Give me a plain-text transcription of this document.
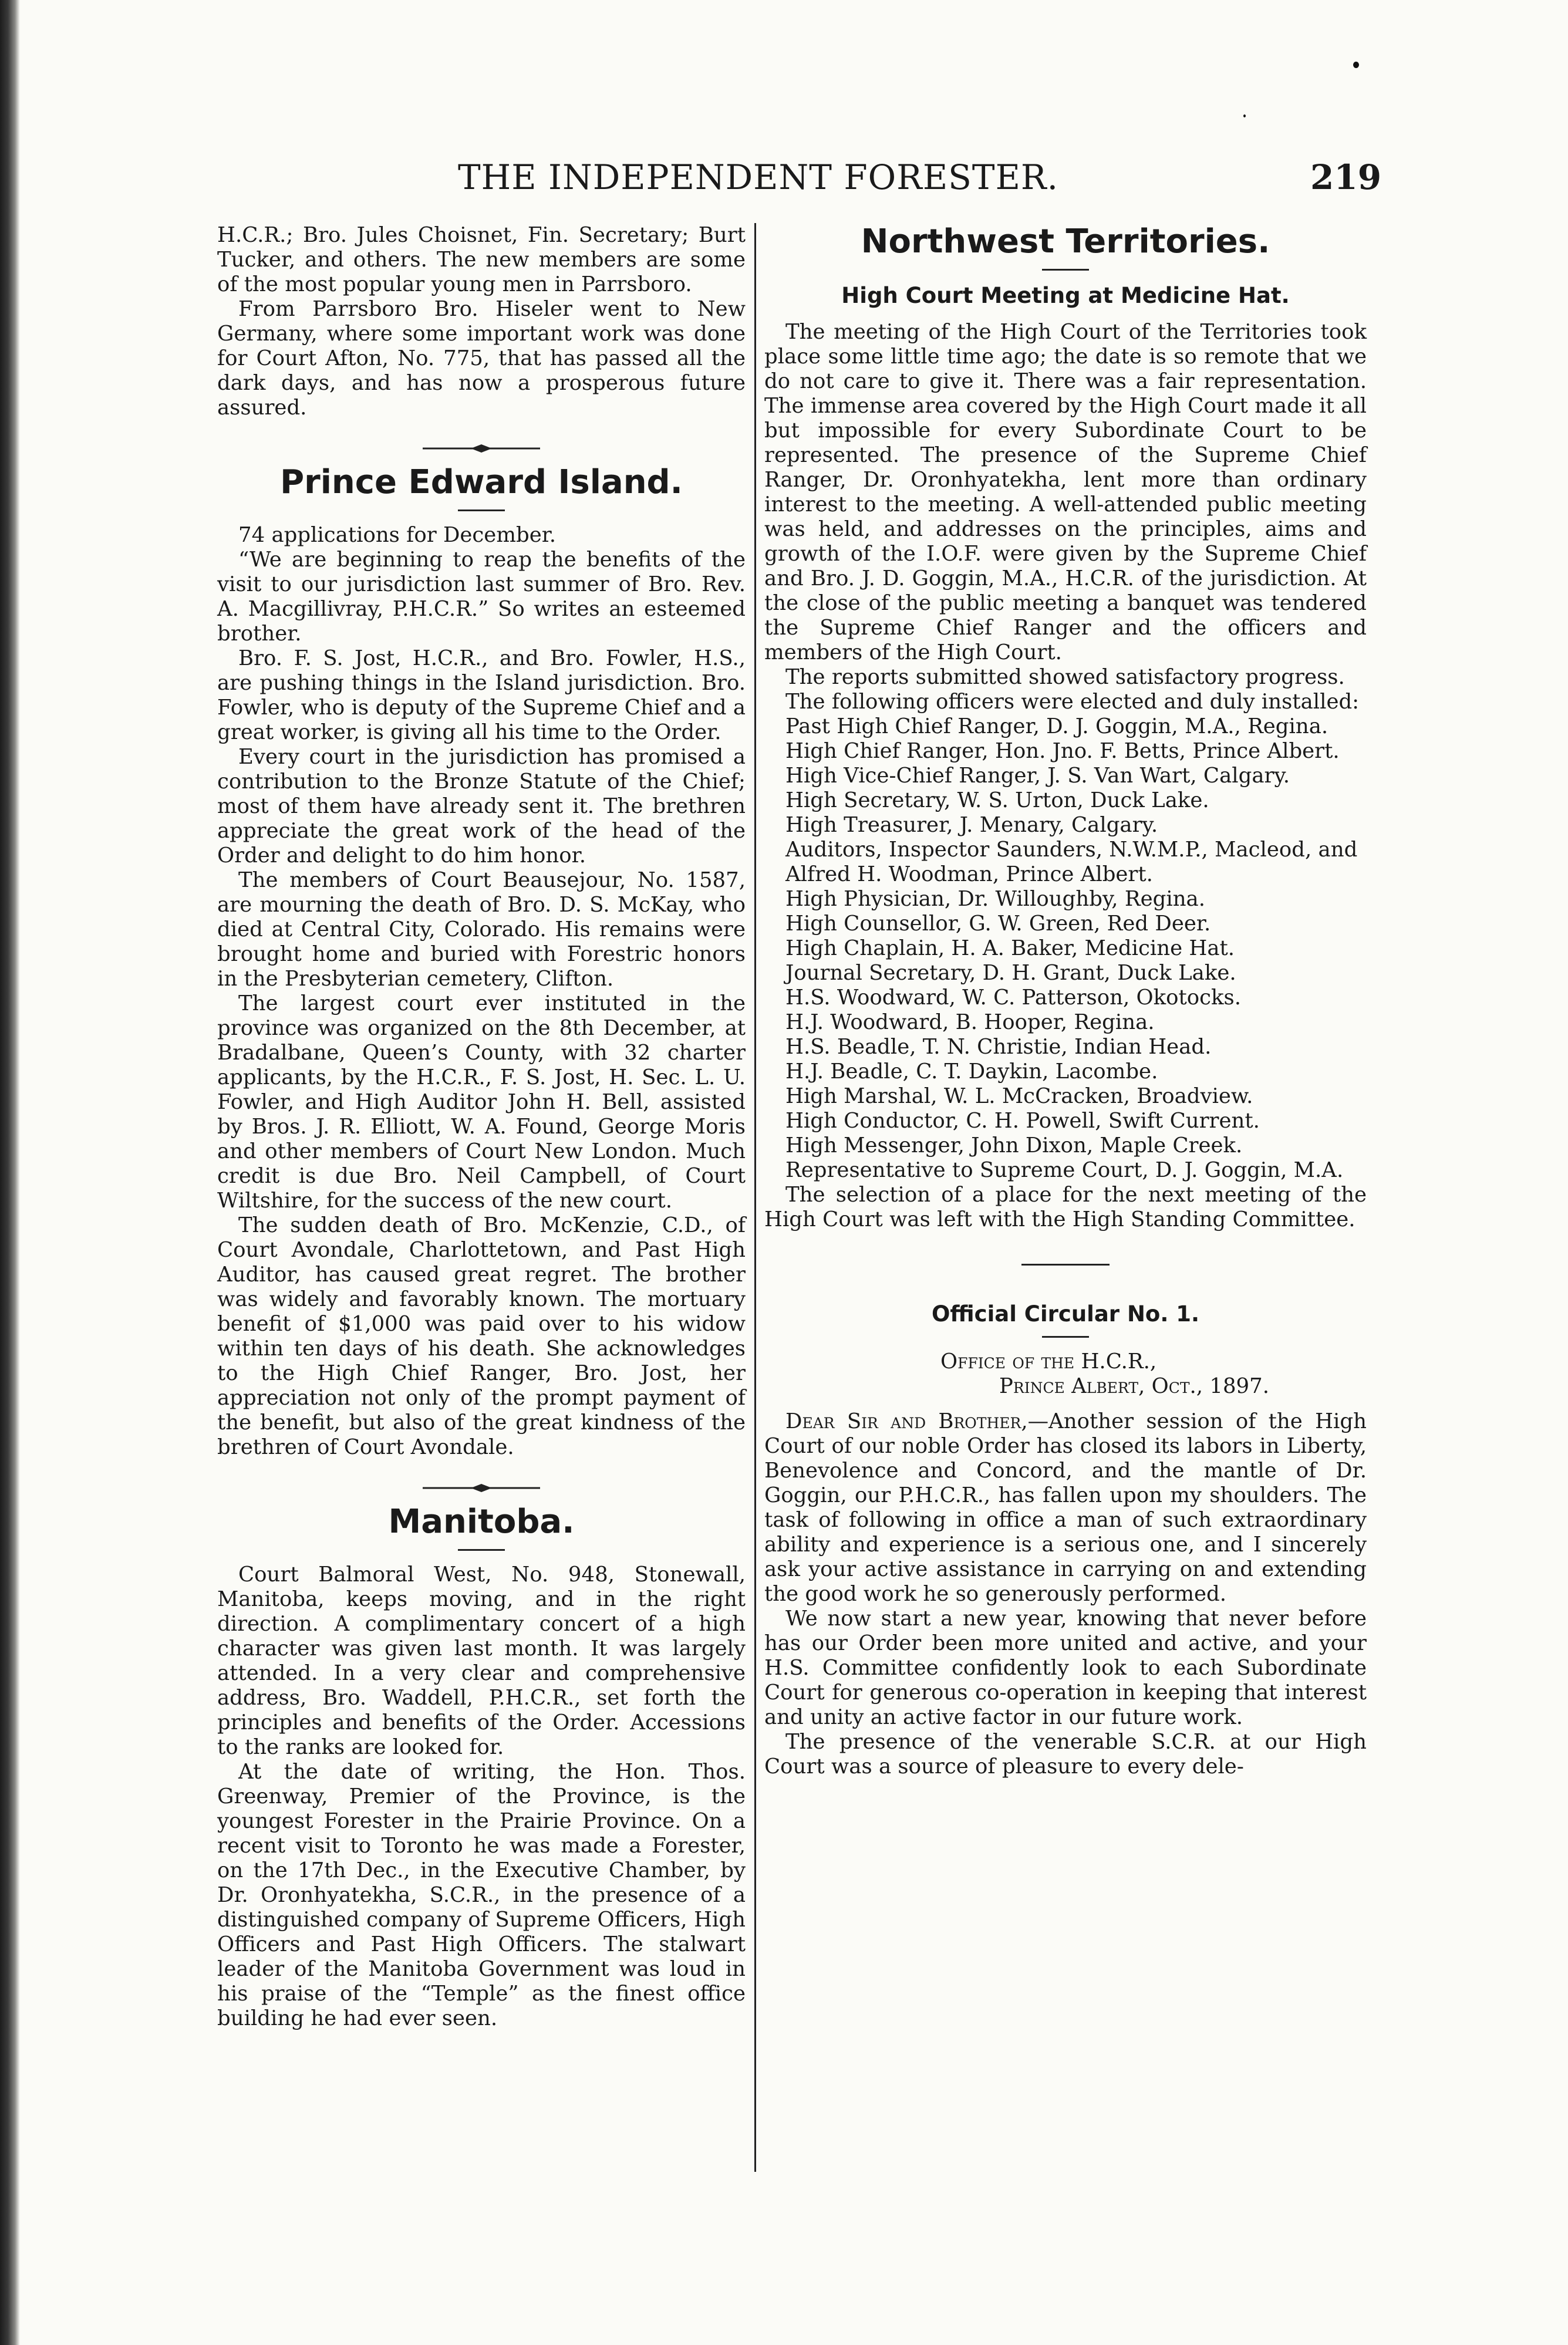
THE INDEPENDENT FORESTER.	219

H.C.R.; Bro. Jules Choisnet, Fin. Secretary; Burt Tucker, and others. The new members are some of the most popular young men in Parrsboro.

From Parrsboro Bro. Hiseler went to New Germany, where some important work was done for Court Afton, No. 775, that has passed all the dark days, and has now a prosperous future assured.

Prince Edward Island.

74 applications for December.

“We are beginning to reap the benefits of the visit to our jurisdiction last summer of Bro. Rev. A. Macgillivray, P.H.C.R.” So writes an esteemed brother.

Bro. F. S. Jost, H.C.R., and Bro. Fowler, H.S., are pushing things in the Island jurisdiction. Bro. Fowler, who is deputy of the Supreme Chief and a great worker, is giving all his time to the Order.

Every court in the jurisdiction has promised a contribution to the Bronze Statute of the Chief; most of them have already sent it. The brethren appreciate the great work of the head of the Order and delight to do him honor.

The members of Court Beausejour, No. 1587, are mourning the death of Bro. D. S. McKay, who died at Central City, Colorado. His remains were brought home and buried with Forestric honors in the Presbyterian cemetery, Clifton.

The largest court ever instituted in the province was organized on the 8th December, at Bradalbane, Queen’s County, with 32 charter applicants, by the H.C.R., F. S. Jost, H. Sec. L. U. Fowler, and High Auditor John H. Bell, assisted by Bros. J. R. Elliott, W. A. Found, George Moris and other members of Court New London. Much credit is due Bro. Neil Campbell, of Court Wiltshire, for the success of the new court.

The sudden death of Bro. McKenzie, C.D., of Court Avondale, Charlottetown, and Past High Auditor, has caused great regret. The brother was widely and favorably known. The mortuary benefit of $1,000 was paid over to his widow within ten days of his death. She acknowledges to the High Chief Ranger, Bro. Jost, her appreciation not only of the prompt payment of the benefit, but also of the great kindness of the brethren of Court Avondale.

Manitoba.

Court Balmoral West, No. 948, Stonewall, Manitoba, keeps moving, and in the right direction. A complimentary concert of a high character was given last month. It was largely attended. In a very clear and comprehensive address, Bro. Waddell, P.H.C.R., set forth the principles and benefits of the Order. Accessions to the ranks are looked for.

At the date of writing, the Hon. Thos. Greenway, Premier of the Province, is the youngest Forester in the Prairie Province. On a recent visit to Toronto he was made a Forester, on the 17th Dec., in the Executive Chamber, by Dr. Oronhyatekha, S.C.R., in the presence of a distinguished company of Supreme Officers, High Officers and Past High Officers. The stalwart leader of the Manitoba Government was loud in his praise of the “Temple” as the finest office building he had ever seen.

Northwest Territories.
High Court Meeting at Medicine Hat.

The meeting of the High Court of the Territories took place some little time ago; the date is so remote that we do not care to give it. There was a fair representation. The immense area covered by the High Court made it all but impossible for every Subordinate Court to be represented. The presence of the Supreme Chief Ranger, Dr. Oronhyatekha, lent more than ordinary interest to the meeting. A well-attended public meeting was held, and addresses on the principles, aims and growth of the I.O.F. were given by the Supreme Chief and Bro. J. D. Goggin, M.A., H.C.R. of the jurisdiction. At the close of the public meeting a banquet was tendered the Supreme Chief Ranger and the officers and members of the High Court.

The reports submitted showed satisfactory progress.

The following officers were elected and duly installed:

Past High Chief Ranger, D. J. Goggin, M.A., Regina.

High Chief Ranger, Hon. Jno. F. Betts, Prince Albert.

High Vice-Chief Ranger, J. S. Van Wart, Calgary.

High Secretary, W. S. Urton, Duck Lake.

High Treasurer, J. Menary, Calgary.

Auditors, Inspector Saunders, N.W.M.P., Macleod, and Alfred H. Woodman, Prince Albert.

High Physician, Dr. Willoughby, Regina.

High Counsellor, G. W. Green, Red Deer.

High Chaplain, H. A. Baker, Medicine Hat.

Journal Secretary, D. H. Grant, Duck Lake.

H.S. Woodward, W. C. Patterson, Okotocks.

H.J. Woodward, B. Hooper, Regina.

H.S. Beadle, T. N. Christie, Indian Head.

H.J. Beadle, C. T. Daykin, Lacombe.

High Marshal, W. L. McCracken, Broadview.

High Conductor, C. H. Powell, Swift Current.

High Messenger, John Dixon, Maple Creek.

Representative to Supreme Court, D. J. Goggin, M.A.

The selection of a place for the next meeting of the High Court was left with the High Standing Committee.

Official Circular No. 1.

Office of the H.C.R.,

Prince Albert, Oct., 1897.

Dear Sir and Brother,—Another session of the High Court of our noble Order has closed its labors in Liberty, Benevolence and Concord, and the mantle of Dr. Goggin, our P.H.C.R., has fallen upon my shoulders. The task of following in office a man of such extraordinary ability and experience is a serious one, and I sincerely ask your active assistance in carrying on and extending the good work he so generously performed.

We now start a new year, knowing that never before has our Order been more united and active, and your H.S. Committee confidently look to each Subordinate Court for generous co-operation in keeping that interest and unity an active factor in our future work.

The presence of the venerable S.C.R. at our High Court was a source of pleasure to every dele-
